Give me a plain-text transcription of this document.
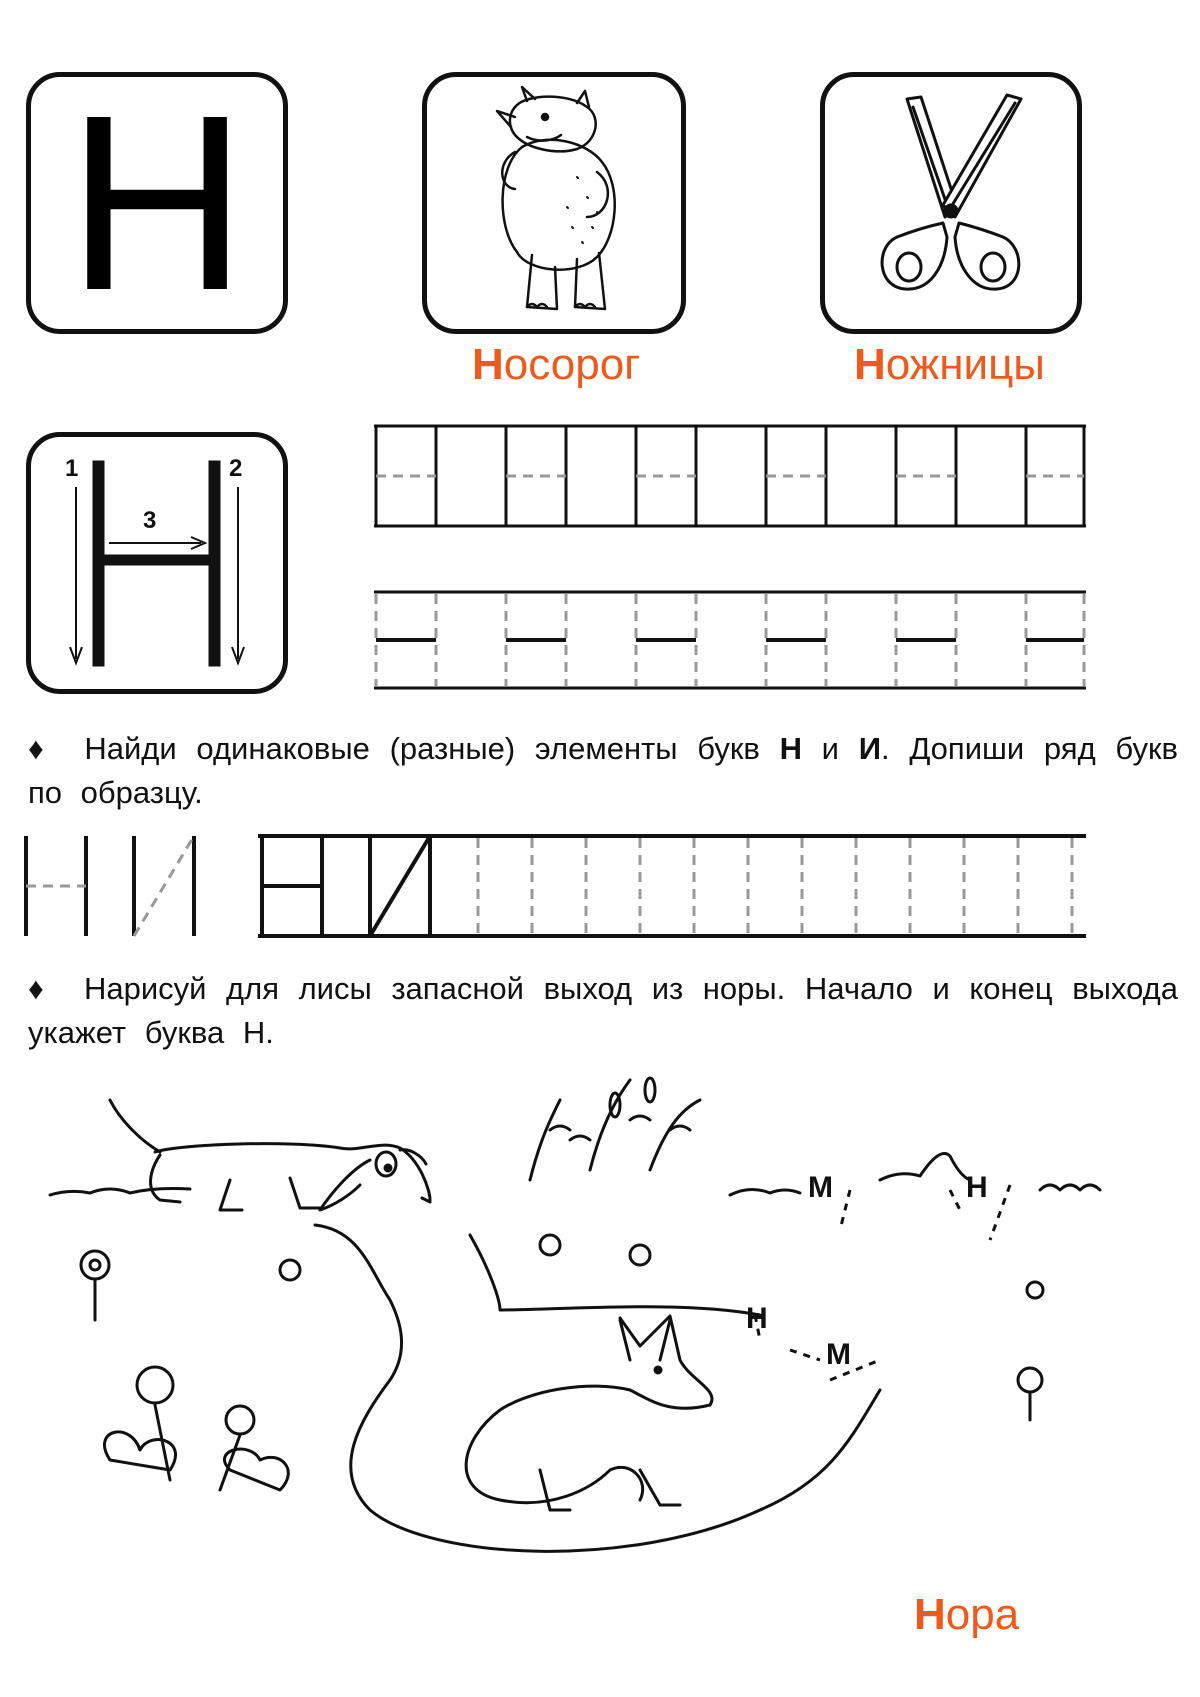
Н
Носорог	Ножницы
1	2
3
♦ Найди одинаковые (разные) элементы букв Н и И. Допиши ряд букв по образцу.
♦ Нарисуй для лисы запасной выход из норы. Начало и конец выхода укажет буква Н.
М	Н
Н
М
Нора
